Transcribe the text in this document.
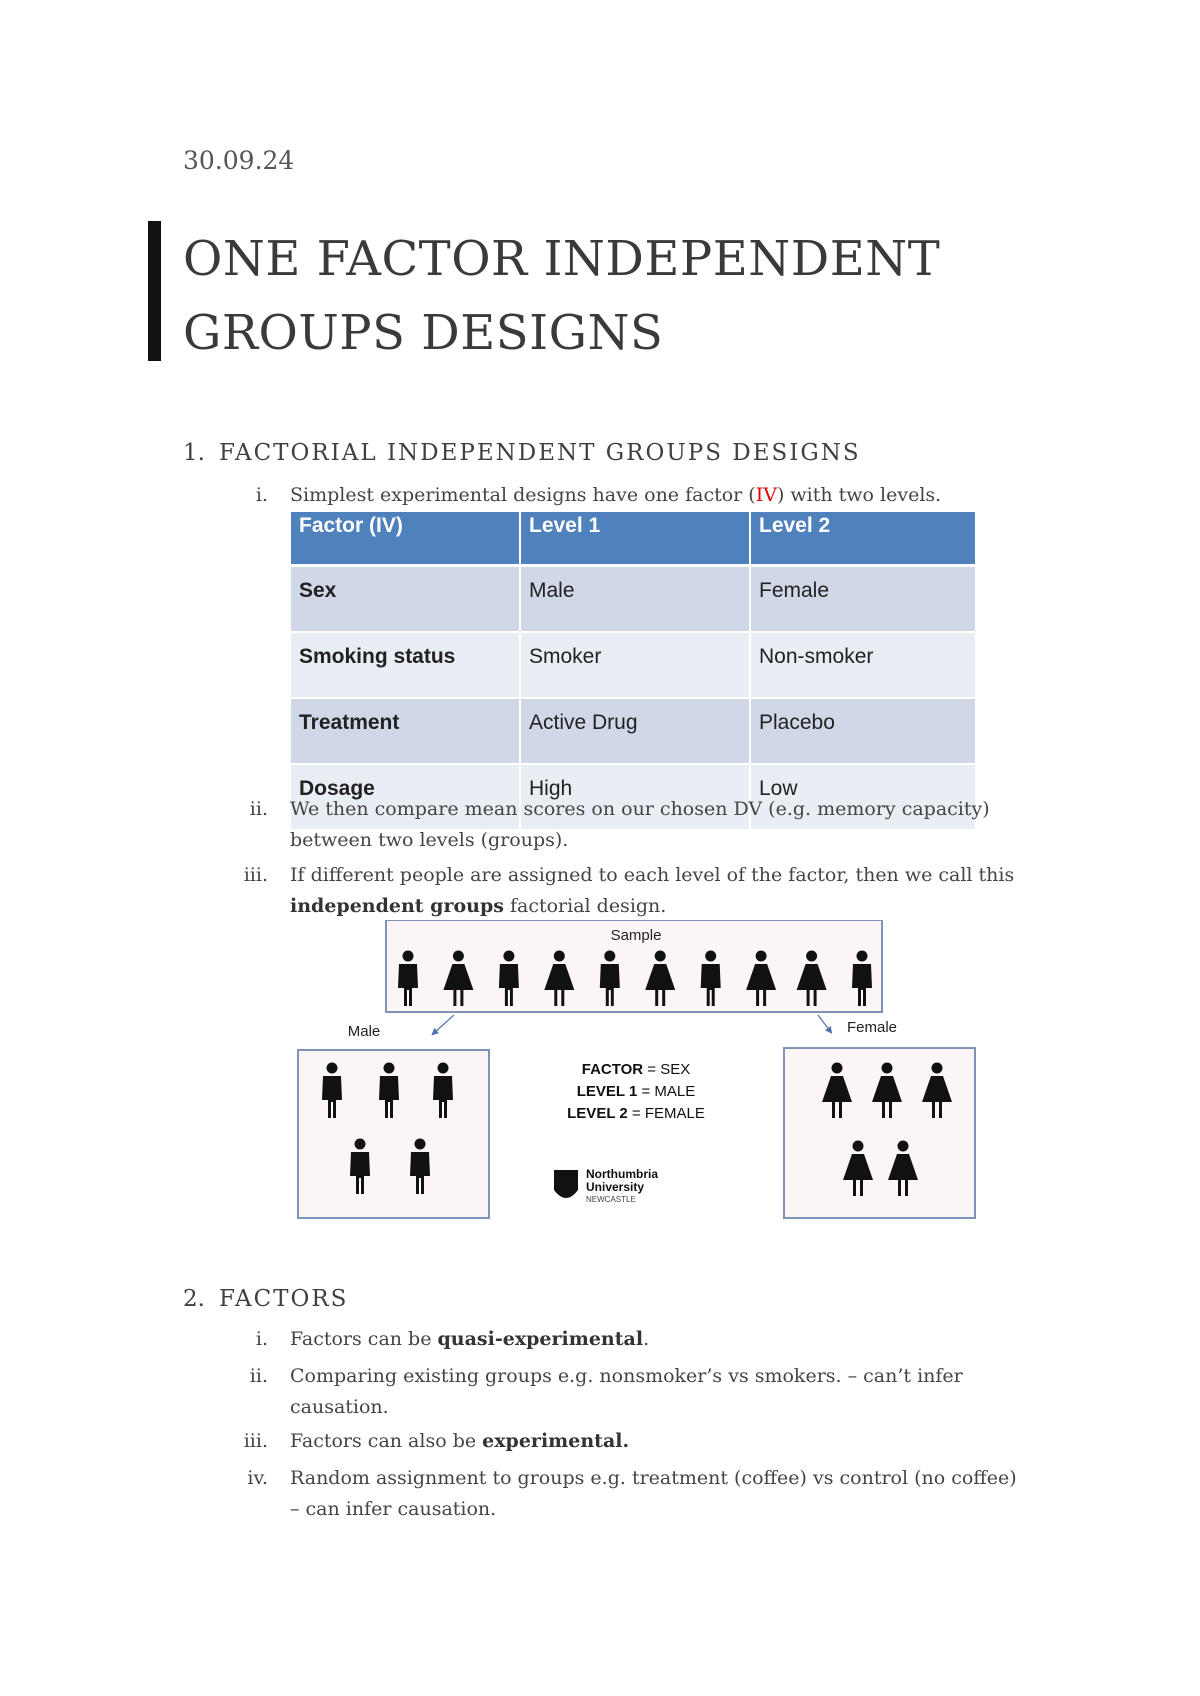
30.09.24
ONE FACTOR INDEPENDENT
GROUPS DESIGNS
1. FACTORIAL INDEPENDENT GROUPS DESIGNS
i. Simplest experimental designs have one factor (IV) with two levels.
Factor (IV)	Level 1	Level 2
Sex	Male	Female
Smoking status	Smoker	Non-smoker
Treatment	Active Drug	Placebo
Dosage	High	Low
ii. We then compare mean scores on our chosen DV (e.g. memory capacity) between two levels (groups).
iii. If different people are assigned to each level of the factor, then we call this independent groups factorial design.
Sample
Male	Female
FACTOR = SEX
LEVEL 1 = MALE
LEVEL 2 = FEMALE
Northumbria
University
NEWCASTLE
2. FACTORS
i. Factors can be quasi-experimental.
ii. Comparing existing groups e.g. nonsmoker’s vs smokers. – can’t infer causation.
iii. Factors can also be experimental.
iv. Random assignment to groups e.g. treatment (coffee) vs control (no coffee) – can infer causation.
